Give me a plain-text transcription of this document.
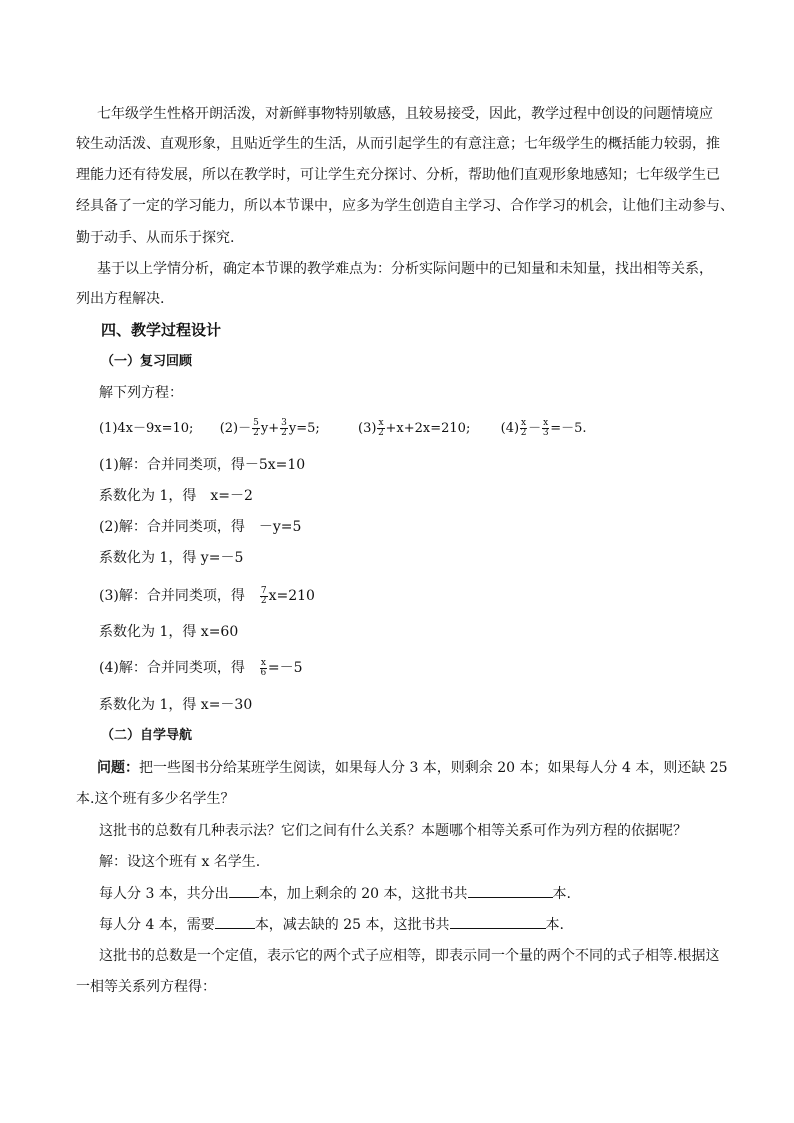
七年级学生性格开朗活泼，对新鲜事物特别敏感，且较易接受，因此，教学过程中创设的问题情境应
较生动活泼、直观形象，且贴近学生的生活，从而引起学生的有意注意；七年级学生的概括能力较弱，推
理能力还有待发展，所以在教学时，可让学生充分探讨、分析，帮助他们直观形象地感知；七年级学生已
经具备了一定的学习能力，所以本节课中，应多为学生创造自主学习、合作学习的机会，让他们主动参与、
勤于动手、从而乐于探究.
基于以上学情分析，确定本节课的教学难点为：分析实际问题中的已知量和未知量，找出相等关系，
列出方程解决.
四、教学过程设计
（一）复习回顾
解下列方程：
(1)4x－9x=10; $(2)- \frac{5}{2} y+ \frac{3}{2} y=5$;	$(3) \frac{x}{2} +x+2x=210$; $(4) \frac{x}{2} - \frac{x}{3} =-5$.
(1)解：合并同类项，得－5x=10
系数化为 1，得　x=－2
(2)解：合并同类项，得　－y=5
系数化为 1，得 y=－5
(3)解：合并同类项，得　 $\frac{7}{2} x=210$
系数化为 1，得 x=60
(4)解：合并同类项，得　 $\frac{x}{6} =-5$
系数化为 1，得 x=－30
（二）自学导航
问题：把一些图书分给某班学生阅读，如果每人分 3 本，则剩余 20 本；如果每人分 4 本，则还缺 25
本.这个班有多少名学生？
这批书的总数有几种表示法？它们之间有什么关系？本题哪个相等关系可作为列方程的依据呢？
解：设这个班有 x 名学生.
每人分 3 本，共分出 本，加上剩余的 20 本，这批书共	本.
每人分 4 本，需要	本，减去缺的 25 本，这批书共	本.
这批书的总数是一个定值，表示它的两个式子应相等，即表示同一个量的两个不同的式子相等.根据这
一相等关系列方程得：
